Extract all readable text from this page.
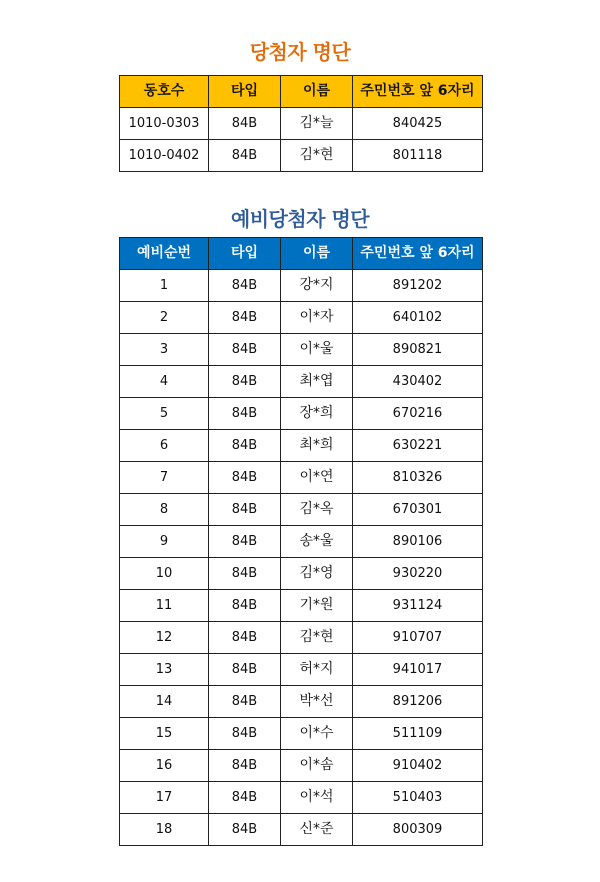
당첨자 명단
동호수	타입	이름	주민번호 앞 6자리
1010-0303	84B	김*늘	840425
1010-0402	84B	김*현	801118
예비당첨자 명단
예비순번	타입	이름	주민번호 앞 6자리
1	84B	강*지	891202
2	84B	이*자	640102
3	84B	이*울	890821
4	84B	최*엽	430402
5	84B	장*희	670216
6	84B	최*희	630221
7	84B	이*연	810326
8	84B	김*옥	670301
9	84B	송*울	890106
10	84B	김*영	930220
11	84B	기*원	931124
12	84B	김*현	910707
13	84B	허*지	941017
14	84B	박*선	891206
15	84B	이*수	511109
16	84B	이*솜	910402
17	84B	이*석	510403
18	84B	신*준	800309
